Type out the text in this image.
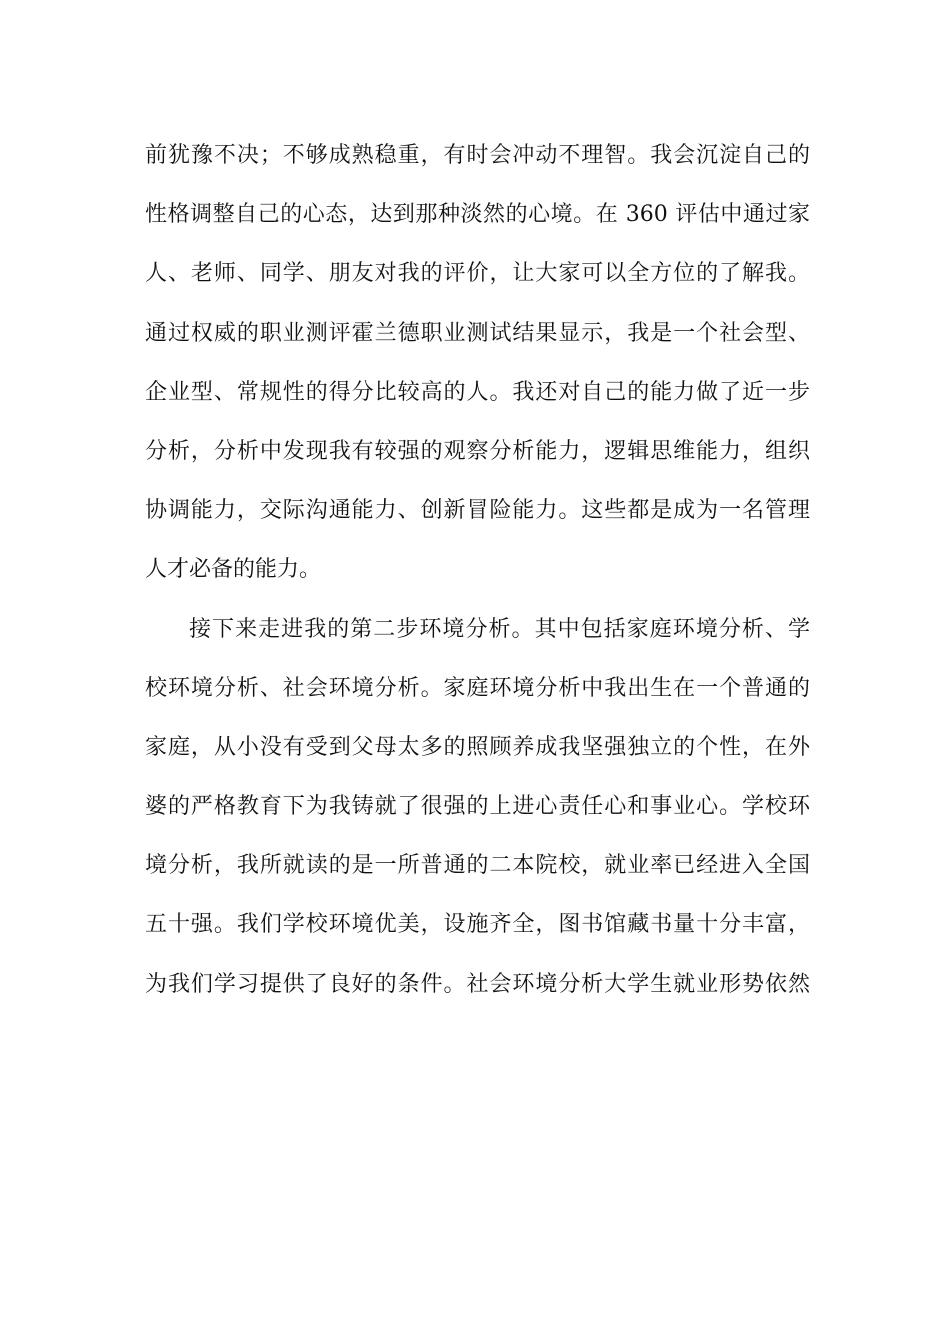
前犹豫不决；不够成熟稳重，有时会冲动不理智。我会沉淀自己的
性格调整自己的心态，达到那种淡然的心境。在 360 评估中通过家
人、老师、同学、朋友对我的评价，让大家可以全方位的了解我。
通过权威的职业测评霍兰德职业测试结果显示，我是一个社会型、
企业型、常规性的得分比较高的人。我还对自己的能力做了近一步
分析，分析中发现我有较强的观察分析能力，逻辑思维能力，组织
协调能力，交际沟通能力、创新冒险能力。这些都是成为一名管理
人才必备的能力。
接下来走进我的第二步环境分析。其中包括家庭环境分析、学
校环境分析、社会环境分析。家庭环境分析中我出生在一个普通的
家庭，从小没有受到父母太多的照顾养成我坚强独立的个性，在外
婆的严格教育下为我铸就了很强的上进心责任心和事业心。学校环
境分析，我所就读的是一所普通的二本院校，就业率已经进入全国
五十强。我们学校环境优美，设施齐全，图书馆藏书量十分丰富，
为我们学习提供了良好的条件。社会环境分析大学生就业形势依然
